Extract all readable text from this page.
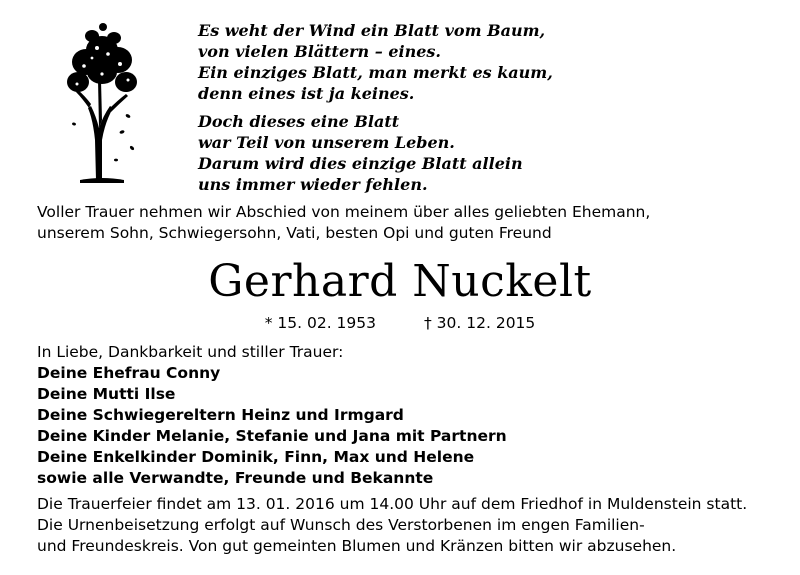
Es weht der Wind ein Blatt vom Baum,
von vielen Blättern – eines.
Ein einziges Blatt, man merkt es kaum,
denn eines ist ja keines.
Doch dieses eine Blatt
war Teil von unserem Leben.
Darum wird dies einzige Blatt allein
uns immer wieder fehlen.
Voller Trauer nehmen wir Abschied von meinem über alles geliebten Ehemann,
unserem Sohn, Schwiegersohn, Vati, besten Opi und guten Freund
Gerhard Nuckelt
* 15. 02. 1953	† 30. 12. 2015
In Liebe, Dankbarkeit und stiller Trauer:
Deine Ehefrau Conny
Deine Mutti Ilse
Deine Schwiegereltern Heinz und Irmgard
Deine Kinder Melanie, Stefanie und Jana mit Partnern
Deine Enkelkinder Dominik, Finn, Max und Helene
sowie alle Verwandte, Freunde und Bekannte
Die Trauerfeier findet am 13. 01. 2016 um 14.00 Uhr auf dem Friedhof in Muldenstein statt.
Die Urnenbeisetzung erfolgt auf Wunsch des Verstorbenen im engen Familien-
und Freundeskreis. Von gut gemeinten Blumen und Kränzen bitten wir abzusehen.
